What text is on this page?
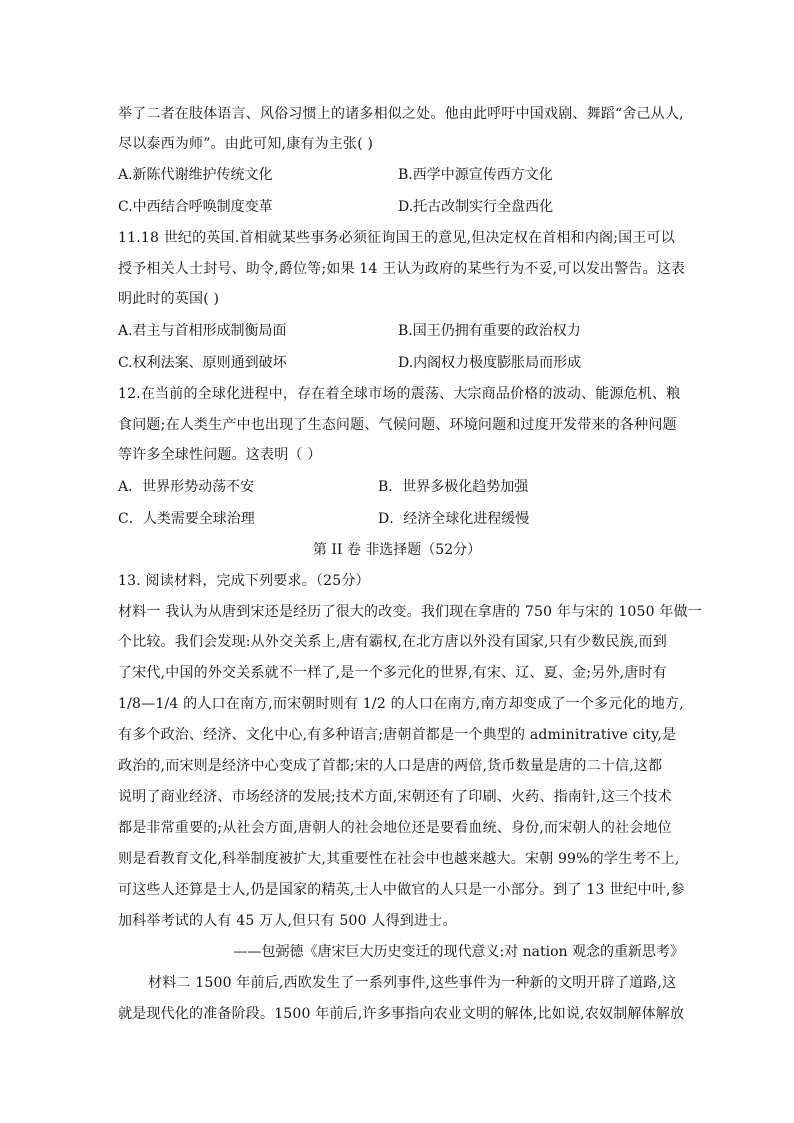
举了二者在肢体语言、风俗习惯上的诸多相似之处。他由此呼吁中国戏剧、舞蹈“舍己从人,
尽以泰西为师”。由此可知,康有为主张( )
A.新陈代谢维护传统文化	B.西学中源宣传西方文化
C.中西结合呼唤制度变革	D.托古改制实行全盘西化
11.18 世纪的英国.首相就某些事务必须征询国王的意见,但决定权在首相和内阁;国王可以
授予相关人士封号、助令,爵位等;如果 14 王认为政府的某些行为不妥,可以发出警告。这表
明此时的英国( )
A.君主与首相形成制衡局面	B.国王仍拥有重要的政治权力
C.权利法案、原则通到破坏	D.内阁权力极度膨胀局而形成
12.在当前的全球化进程中，存在着全球市场的震荡、大宗商品价格的波动、能源危机、粮
食问题;在人类生产中也出现了生态问题、气候问题、环境问题和过度开发带来的各种问题
等许多全球性问题。这表明（ ）
A．世界形势动荡不安	B．世界多极化趋势加强
C．人类需要全球治理	D．经济全球化进程缓慢
第 II 卷 非选择题（52分）
13. 阅读材料，完成下列要求。（25分）
材料一 我认为从唐到宋还是经历了很大的改变。我们现在拿唐的 750 年与宋的 1050 年做一
个比较。我们会发现:从外交关系上,唐有霸权,在北方唐以外没有国家,只有少数民族,而到
了宋代,中国的外交关系就不一样了,是一个多元化的世界,有宋、辽、夏、金;另外,唐时有
1/8—1/4 的人口在南方,而宋朝时则有 1/2 的人口在南方,南方却变成了一个多元化的地方,
有多个政治、经济、文化中心,有多种语言;唐朝首都是一个典型的 adminitrative city,是
政治的,而宋则是经济中心变成了首都;宋的人口是唐的两倍,货币数量是唐的二十信,这都
说明了商业经济、市场经济的发展;技术方面,宋朝还有了印刷、火药、指南针,这三个技术
都是非常重要的;从社会方面,唐朝人的社会地位还是要看血统、身份,而宋朝人的社会地位
则是看教育文化,科举制度被扩大,其重要性在社会中也越来越大。宋朝 99%的学生考不上,
可这些人还算是士人,仍是国家的精英,士人中做官的人只是一小部分。到了 13 世纪中叶,参
加科举考试的人有 45 万人,但只有 500 人得到进士。
——包弼德《唐宋巨大历史变迁的现代意义:对 nation 观念的重新思考》
材料二 1500 年前后,西欧发生了一系列事件,这些事件为一种新的文明开辟了道路,这
就是现代化的准备阶段。1500 年前后,许多事指向农业文明的解体,比如说,农奴制解体解放
